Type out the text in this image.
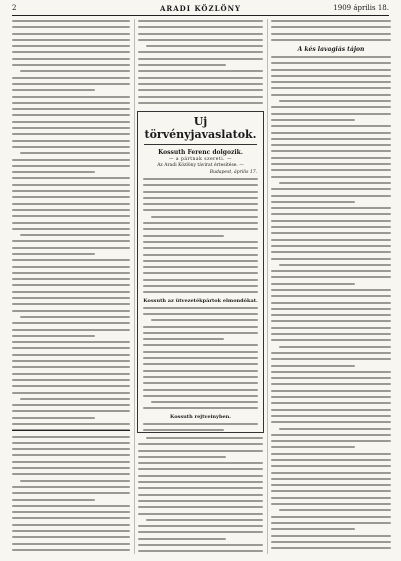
2	ARADI KÖZLÖNY	1909 április 18.
Uj törvényjavaslatok.
Kossuth Ferenc dolgozik.
— a pártnak szereti. —
Az Aradi Közlöny távirat értesítése. —
Budapest, április 17.
Kossuth az ütvezetékpártok elmondókat.
Kossuth rejtveinyben.
A kés lavagiás tájon
